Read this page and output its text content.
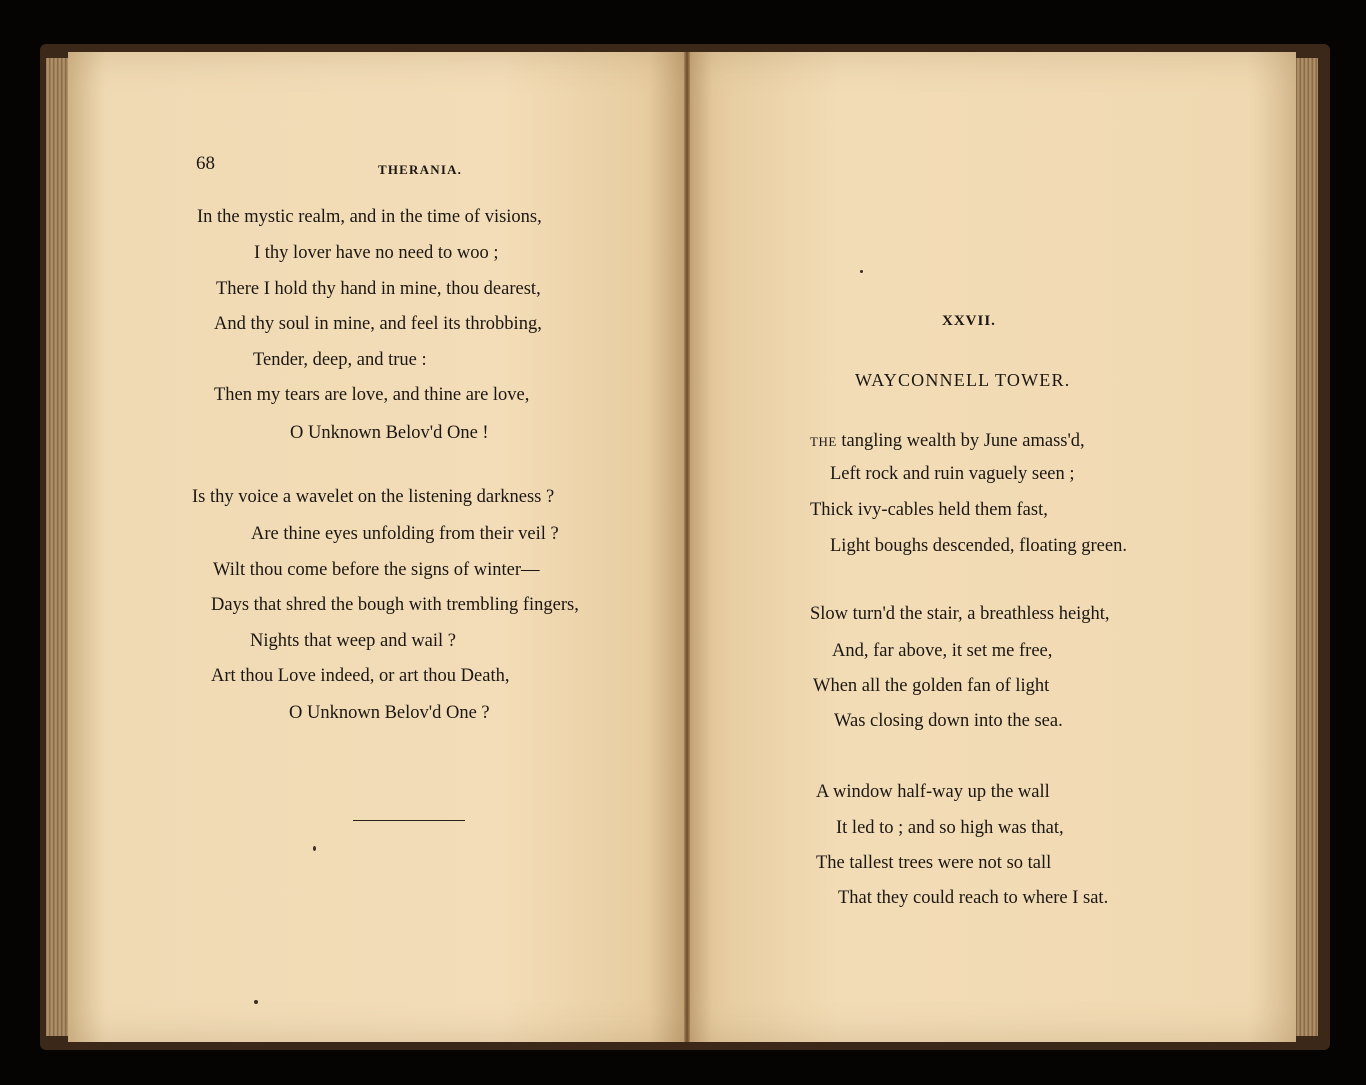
68	THERANIA.
In the mystic realm, and in the time of visions,
I thy lover have no need to woo ;
There I hold thy hand in mine, thou dearest,
And thy soul in mine, and feel its throbbing,
Tender, deep, and true :
Then my tears are love, and thine are love,
O Unknown Belov'd One !
Is thy voice a wavelet on the listening darkness ?
Are thine eyes unfolding from their veil ?
Wilt thou come before the signs of winter—
Days that shred the bough with trembling fingers,
Nights that weep and wail ?
Art thou Love indeed, or art thou Death,
O Unknown Belov'd One ?
XXVII.
WAYCONNELL TOWER.
THE tangling wealth by June amass'd,
Left rock and ruin vaguely seen ;
Thick ivy-cables held them fast,
Light boughs descended, floating green.
Slow turn'd the stair, a breathless height,
And, far above, it set me free,
When all the golden fan of light
Was closing down into the sea.
A window half-way up the wall
It led to ; and so high was that,
The tallest trees were not so tall
That they could reach to where I sat.
